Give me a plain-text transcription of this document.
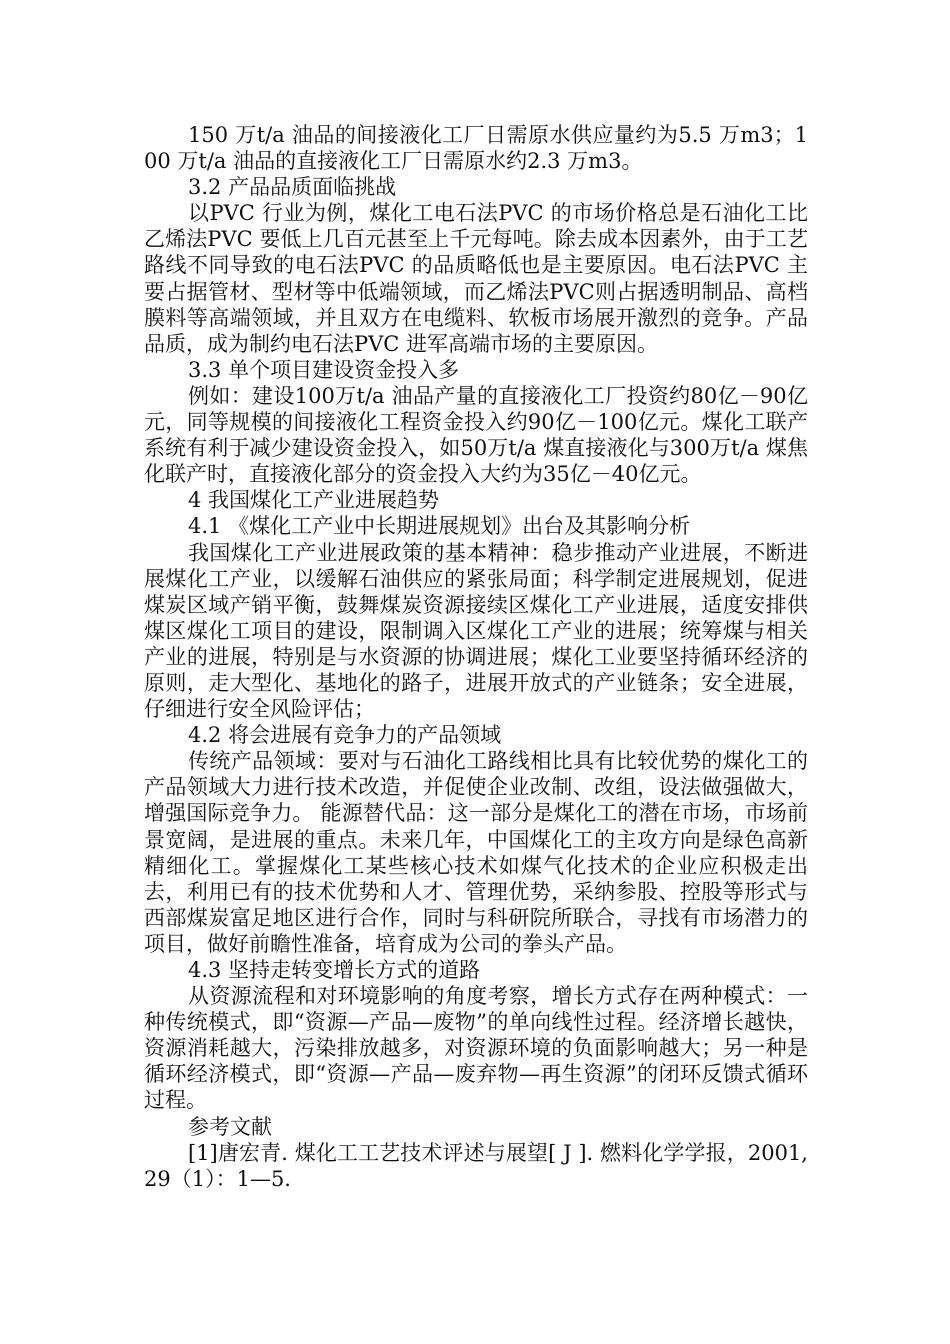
150 万t/a 油品的间接液化工厂日需原水供应量约为5.5 万m3；100 万t/a 油品的直接液化工厂日需原水约2.3 万m3。

3.2 产品品质面临挑战

以PVC 行业为例，煤化工电石法PVC 的市场价格总是石油化工比乙烯法PVC 要低上几百元甚至上千元每吨。除去成本因素外，由于工艺路线不同导致的电石法PVC 的品质略低也是主要原因。电石法PVC 主要占据管材、型材等中低端领域，而乙烯法PVC则占据透明制品、高档膜料等高端领域，并且双方在电缆料、软板市场展开激烈的竞争。产品品质，成为制约电石法PVC 进军高端市场的主要原因。

3.3 单个项目建设资金投入多

例如：建设100万t/a 油品产量的直接液化工厂投资约80亿－90亿元，同等规模的间接液化工程资金投入约90亿－100亿元。煤化工联产系统有利于减少建设资金投入，如50万t/a 煤直接液化与300万t/a 煤焦化联产时，直接液化部分的资金投入大约为35亿－40亿元。

4 我国煤化工产业进展趋势

4.1 《煤化工产业中长期进展规划》出台及其影响分析

我国煤化工产业进展政策的基本精神：稳步推动产业进展，不断进展煤化工产业，以缓解石油供应的紧张局面；科学制定进展规划，促进煤炭区域产销平衡，鼓舞煤炭资源接续区煤化工产业进展，适度安排供煤区煤化工项目的建设，限制调入区煤化工产业的进展；统筹煤与相关产业的进展，特别是与水资源的协调进展；煤化工业要坚持循环经济的原则，走大型化、基地化的路子，进展开放式的产业链条；安全进展，仔细进行安全风险评估；

4.2 将会进展有竞争力的产品领域

传统产品领域：要对与石油化工路线相比具有比较优势的煤化工的产品领域大力进行技术改造，并促使企业改制、改组，设法做强做大，增强国际竞争力。 能源替代品：这一部分是煤化工的潜在市场，市场前景宽阔，是进展的重点。未来几年，中国煤化工的主攻方向是绿色高新精细化工。掌握煤化工某些核心技术如煤气化技术的企业应积极走出去，利用已有的技术优势和人才、管理优势，采纳参股、控股等形式与西部煤炭富足地区进行合作，同时与科研院所联合，寻找有市场潜力的项目，做好前瞻性准备，培育成为公司的拳头产品。

4.3 坚持走转变增长方式的道路

从资源流程和对环境影响的角度考察，增长方式存在两种模式：一种传统模式，即“资源—产品—废物”的单向线性过程。经济增长越快，资源消耗越大，污染排放越多，对资源环境的负面影响越大；另一种是循环经济模式，即“资源—产品—废弃物—再生资源”的闭环反馈式循环过程。

参考文献

[1]唐宏青. 煤化工工艺技术评述与展望[ J ]. 燃料化学学报，2001,29（1）：1—5.
